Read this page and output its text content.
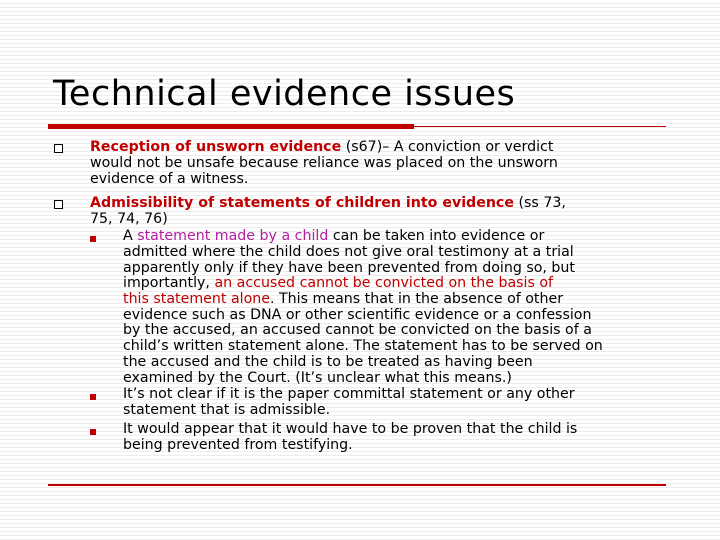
Technical evidence issues
Reception of unsworn evidence (s67)– A conviction or verdict
would not be unsafe because reliance was placed on the unsworn
evidence of a witness.
Admissibility of statements of children into evidence (ss 73,
75, 74, 76)
A statement made by a child can be taken into evidence or
admitted where the child does not give oral testimony at a trial
apparently only if they have been prevented from doing so, but
importantly, an accused cannot be convicted on the basis of
this statement alone. This means that in the absence of other
evidence such as DNA or other scientific evidence or a confession
by the accused, an accused cannot be convicted on the basis of a
child’s written statement alone. The statement has to be served on
the accused and the child is to be treated as having been
examined by the Court. (It’s unclear what this means.)
It’s not clear if it is the paper committal statement or any other
statement that is admissible.
It would appear that it would have to be proven that the child is
being prevented from testifying.
